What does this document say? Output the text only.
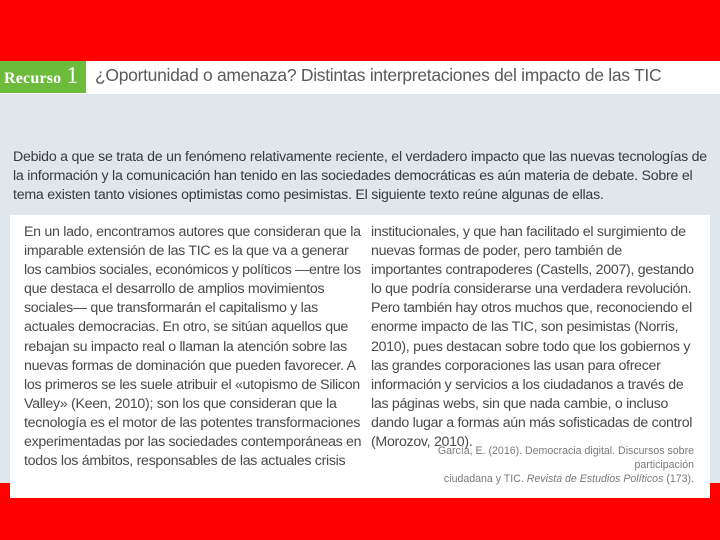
Recurso 1 ¿Oportunidad o amenaza? Distintas interpretaciones del impacto de las TIC
Debido a que se trata de un fenómeno relativamente reciente, el verdadero impacto que las nuevas tecnologías de la información y la comunicación han tenido en las sociedades democráticas es aún materia de debate. Sobre el tema existen tanto visiones optimistas como pesimistas. El siguiente texto reúne algunas de ellas.

En un lado, encontramos autores que consideran que la imparable extensión de las TIC es la que va a generar los cambios sociales, económicos y políticos —entre los que destaca el desarrollo de amplios movimientos sociales— que transformarán el capitalismo y las actuales democracias. En otro, se sitúan aquellos que rebajan su impacto real o llaman la atención sobre las nuevas formas de dominación que pueden favorecer. A los primeros se les suele atribuir el «utopismo de Silicon Valley» (Keen, 2010); son los que consideran que la tecnología es el motor de las potentes transformaciones experimentadas por las sociedades contemporáneas en todos los ámbitos, responsables de las actuales crisis

institucionales, y que han facilitado el surgimiento de nuevas formas de poder, pero también de importantes contrapoderes (Castells, 2007), gestando lo que podría considerarse una verdadera revolución. Pero también hay otros muchos que, reconociendo el enorme impacto de las TIC, son pesimistas (Norris, 2010), pues destacan sobre todo que los gobiernos y las grandes corporaciones las usan para ofrecer información y servicios a los ciudadanos a través de las páginas webs, sin que nada cambie, o incluso dando lugar a formas aún más sofisticadas de control (Morozov, 2010).

García, E. (2016). Democracia digital. Discursos sobre participación
ciudadana y TIC. Revista de Estudios Políticos (173).
